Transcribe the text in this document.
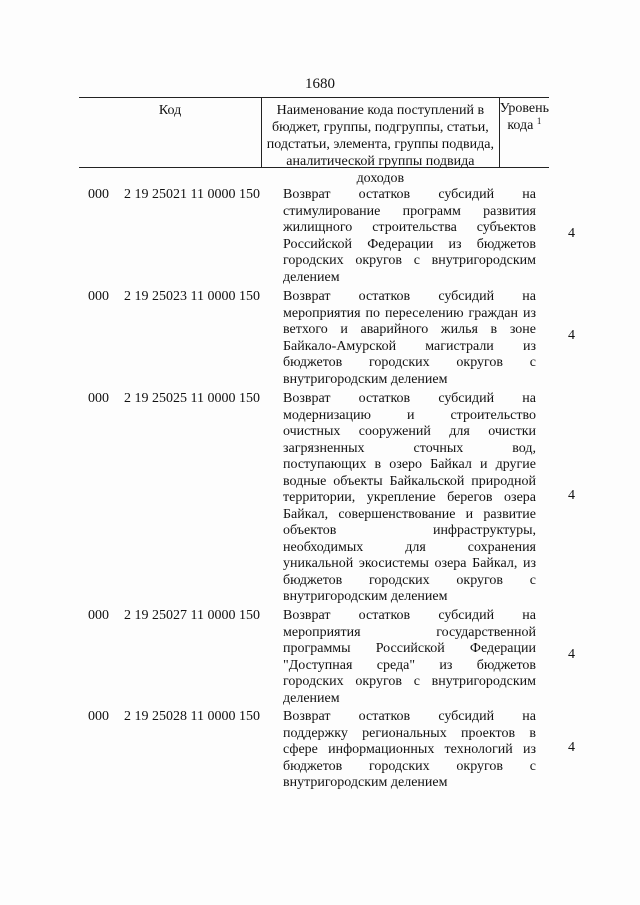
1680
Код	Наименование кода поступлений в
бюджет, группы, подгруппы, статьи,
подстатьи, элемента, группы подвида,
аналитической группы подвида доходов
Уровень
кода $^1$
000 2 19 25021 11 0000 150 Возврат остатков субсидий на
стимулирование программ развития
жилищного строительства субъектов
Российской Федерации из бюджетов
городских округов с внутригородским
делением
4
000 2 19 25023 11 0000 150 Возврат остатков субсидий на
мероприятия по переселению граждан из
ветхого и аварийного жилья в зоне
Байкало-Амурской магистрали из
бюджетов городских округов с
внутригородским делением
4
000 2 19 25025 11 0000 150 Возврат остатков субсидий на
модернизацию и строительство
очистных сооружений для очистки
загрязненных сточных вод,
поступающих в озеро Байкал и другие
водные объекты Байкальской природной
территории, укрепление берегов озера
Байкал, совершенствование и развитие
объектов инфраструктуры,
необходимых для сохранения
уникальной экосистемы озера Байкал, из
бюджетов городских округов с
внутригородским делением
4
000 2 19 25027 11 0000 150 Возврат остатков субсидий на
мероприятия государственной
программы Российской Федерации
"Доступная среда" из бюджетов
городских округов с внутригородским
делением
4
000 2 19 25028 11 0000 150 Возврат остатков субсидий на
поддержку региональных проектов в
сфере информационных технологий из
бюджетов городских округов с
внутригородским делением
4
